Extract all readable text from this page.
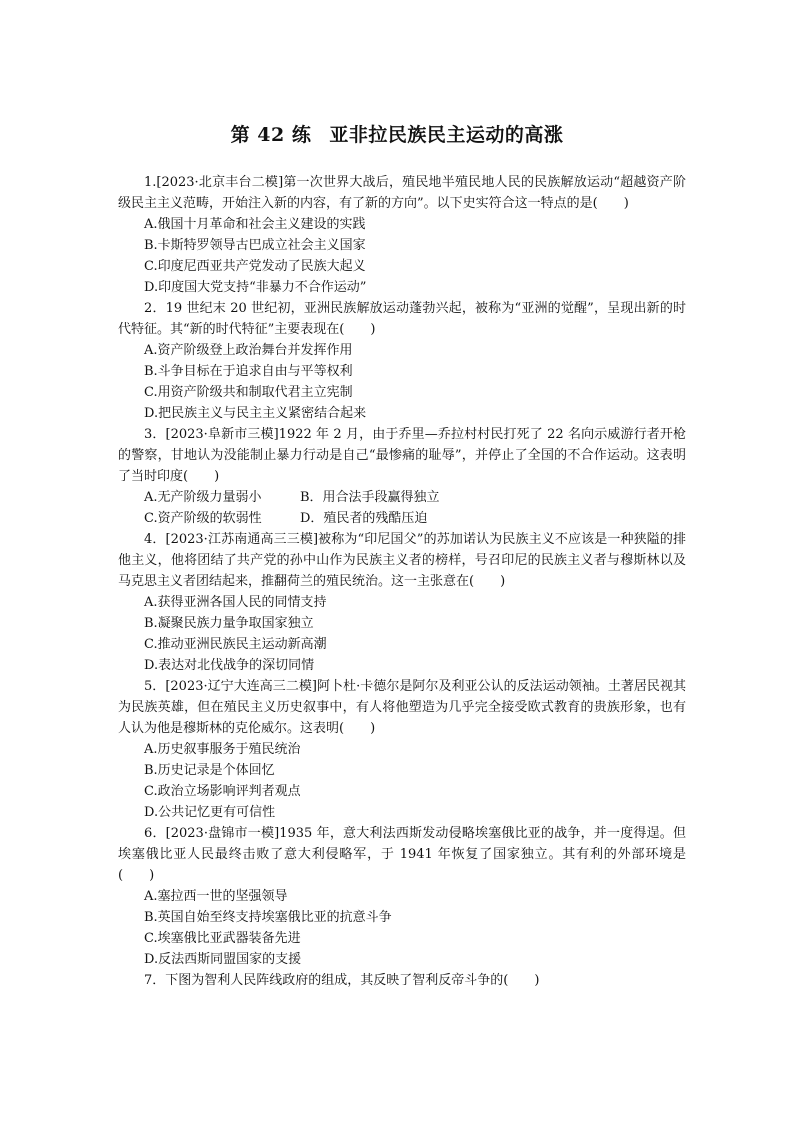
第 42 练 亚非拉民族民主运动的高涨

1.[2023·北京丰台二模]第一次世界大战后，殖民地半殖民地人民的民族解放运动“超越资产阶级民主主义范畴，开始注入新的内容，有了新的方向”。以下史实符合这一特点的是(　　)

A.俄国十月革命和社会主义建设的实践

B.卡斯特罗领导古巴成立社会主义国家

C.印度尼西亚共产党发动了民族大起义

D.印度国大党支持“非暴力不合作运动”

2．19 世纪末 20 世纪初，亚洲民族解放运动蓬勃兴起，被称为“亚洲的觉醒”，呈现出新的时代特征。其“新的时代特征”主要表现在(　　)

A.资产阶级登上政治舞台并发挥作用

B.斗争目标在于追求自由与平等权利

C.用资产阶级共和制取代君主立宪制

D.把民族主义与民主主义紧密结合起来

3．[2023·阜新市三模]1922 年 2 月，由于乔里—乔拉村村民打死了 22 名向示威游行者开枪的警察，甘地认为没能制止暴力行动是自己“最惨痛的耻辱”，并停止了全国的不合作运动。这表明了当时印度(　　)

A.无产阶级力量弱小	B．用合法手段赢得独立

C.资产阶级的软弱性	D．殖民者的残酷压迫

4．[2023·江苏南通高三三模]被称为“印尼国父”的苏加诺认为民族主义不应该是一种狭隘的排他主义，他将团结了共产党的孙中山作为民族主义者的榜样，号召印尼的民族主义者与穆斯林以及马克思主义者团结起来，推翻荷兰的殖民统治。这一主张意在(　　)

A.获得亚洲各国人民的同情支持

B.凝聚民族力量争取国家独立

C.推动亚洲民族民主运动新高潮

D.表达对北伐战争的深切同情

5．[2023·辽宁大连高三二模]阿卜杜·卡德尔是阿尔及利亚公认的反法运动领袖。土著居民视其为民族英雄，但在殖民主义历史叙事中，有人将他塑造为几乎完全接受欧式教育的贵族形象，也有人认为他是穆斯林的克伦威尔。这表明(　　)

A.历史叙事服务于殖民统治

B.历史记录是个体回忆

C.政治立场影响评判者观点

D.公共记忆更有可信性

6．[2023·盘锦市一模]1935 年，意大利法西斯发动侵略埃塞俄比亚的战争，并一度得逞。但埃塞俄比亚人民最终击败了意大利侵略军，于 1941 年恢复了国家独立。其有利的外部环境是(　　)

A.塞拉西一世的坚强领导

B.英国自始至终支持埃塞俄比亚的抗意斗争

C.埃塞俄比亚武器装备先进

D.反法西斯同盟国家的支援

7．下图为智利人民阵线政府的组成，其反映了智利反帝斗争的(　　)
